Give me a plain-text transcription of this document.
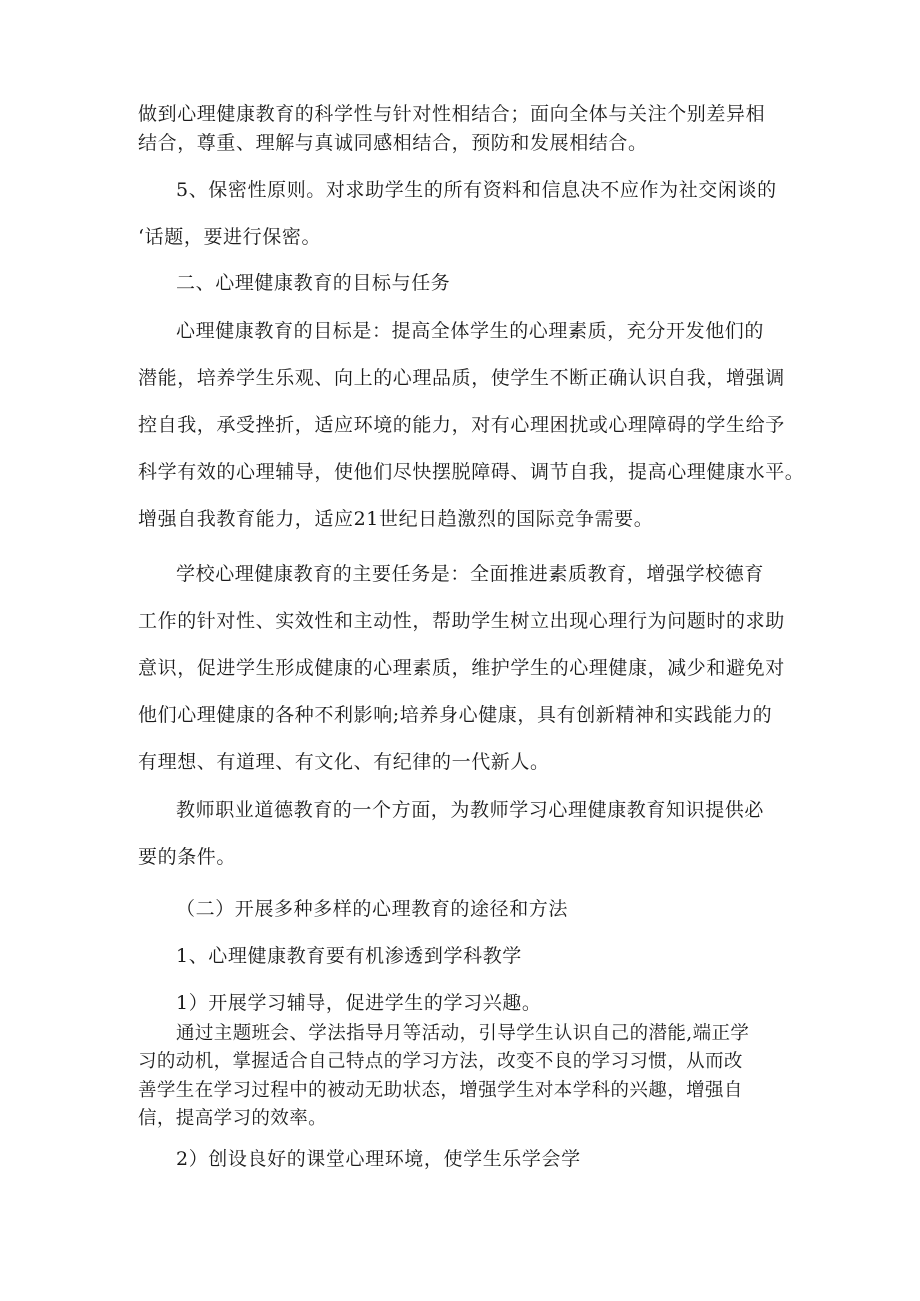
做到心理健康教育的科学性与针对性相结合；面向全体与关注个别差异相
结合，尊重、理解与真诚同感相结合，预防和发展相结合。
5、保密性原则。对求助学生的所有资料和信息决不应作为社交闲谈的
‘话题，要进行保密。
二、心理健康教育的目标与任务
心理健康教育的目标是：提高全体学生的心理素质，充分开发他们的
潜能，培养学生乐观、向上的心理品质，使学生不断正确认识自我，增强调
控自我，承受挫折，适应环境的能力，对有心理困扰或心理障碍的学生给予
科学有效的心理辅导，使他们尽快摆脱障碍、调节自我，提高心理健康水平。
增强自我教育能力，适应21世纪日趋激烈的国际竞争需要。
学校心理健康教育的主要任务是：全面推进素质教育，增强学校德育
工作的针对性、实效性和主动性，帮助学生树立出现心理行为问题时的求助
意识，促进学生形成健康的心理素质，维护学生的心理健康，减少和避免对
他们心理健康的各种不利影响;培养身心健康，具有创新精神和实践能力的
有理想、有道理、有文化、有纪律的一代新人。
教师职业道德教育的一个方面，为教师学习心理健康教育知识提供必
要的条件。
（二）开展多种多样的心理教育的途径和方法
1、心理健康教育要有机渗透到学科教学
1）开展学习辅导，促进学生的学习兴趣。
通过主题班会、学法指导月等活动，引导学生认识自己的潜能,端正学
习的动机，掌握适合自己特点的学习方法，改变不良的学习习惯，从而改
善学生在学习过程中的被动无助状态，增强学生对本学科的兴趣，增强自
信，提高学习的效率。
2）创设良好的课堂心理环境，使学生乐学会学
